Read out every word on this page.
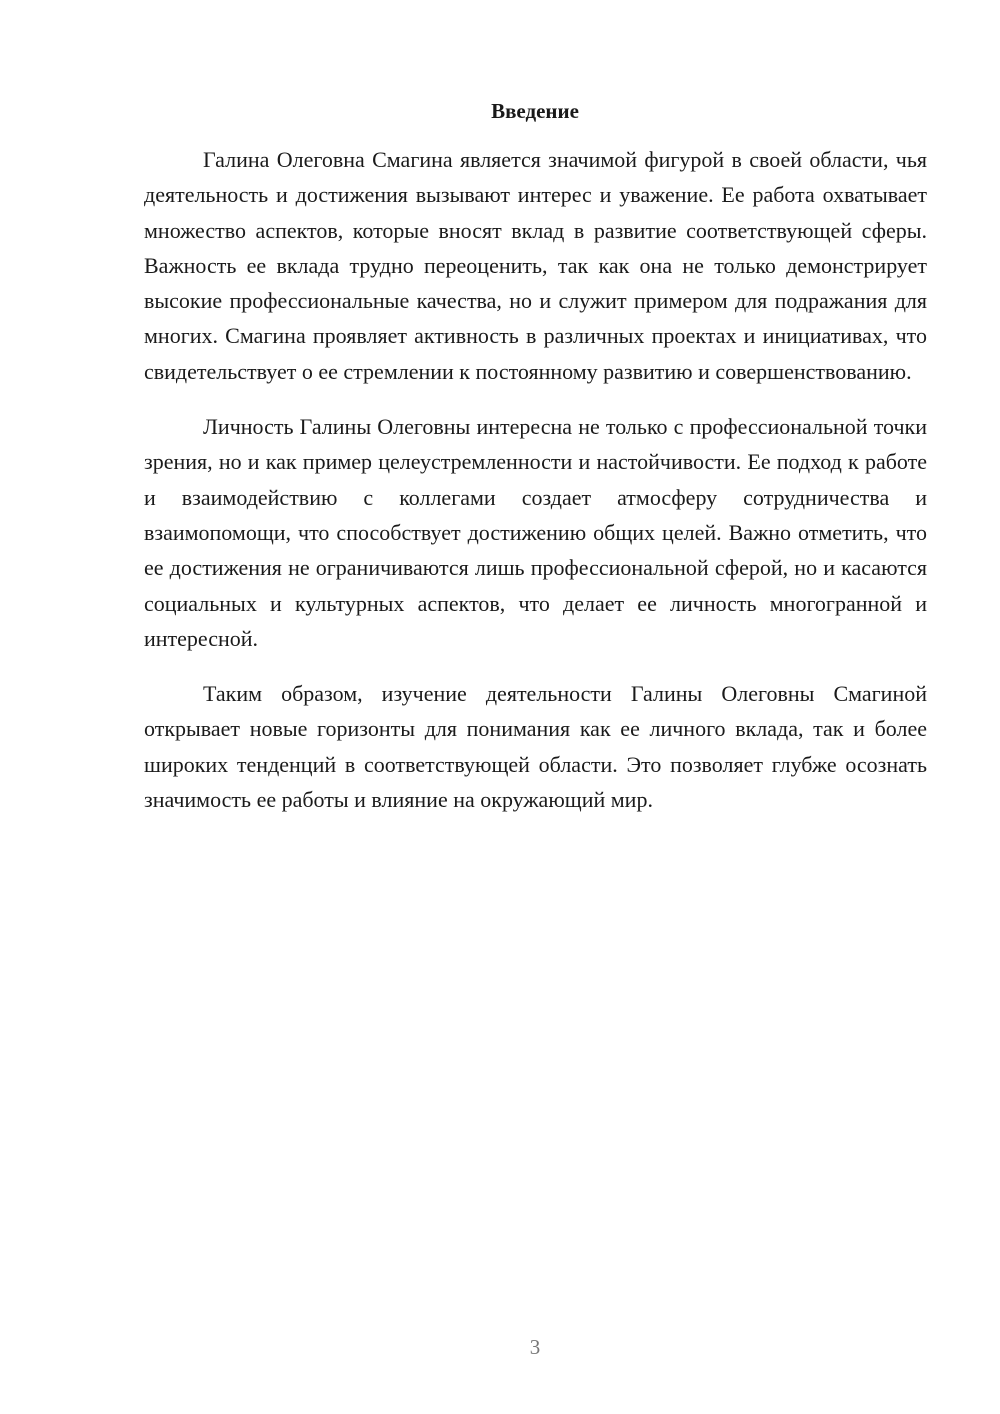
Введение

Галина Олеговна Смагина является значимой фигурой в своей области, чья деятельность и достижения вызывают интерес и уважение. Ее работа охватывает множество аспектов, которые вносят вклад в развитие соответствующей сферы. Важность ее вклада трудно переоценить, так как она не только демонстрирует высокие профессиональные качества, но и служит примером для подражания для многих. Смагина проявляет активность в различных проектах и инициативах, что свидетельствует о ее стремлении к постоянному развитию и совершенствованию.

Личность Галины Олеговны интересна не только с профессиональной точки зрения, но и как пример целеустремленности и настойчивости. Ее подход к работе и взаимодействию с коллегами создает атмосферу сотрудничества и взаимопомощи, что способствует достижению общих целей. Важно отметить, что ее достижения не ограничиваются лишь профессиональной сферой, но и касаются социальных и культурных аспектов, что делает ее личность многогранной и интересной.

Таким образом, изучение деятельности Галины Олеговны Смагиной открывает новые горизонты для понимания как ее личного вклада, так и более широких тенденций в соответствующей области. Это позволяет глубже осознать значимость ее работы и влияние на окружающий мир.

3
